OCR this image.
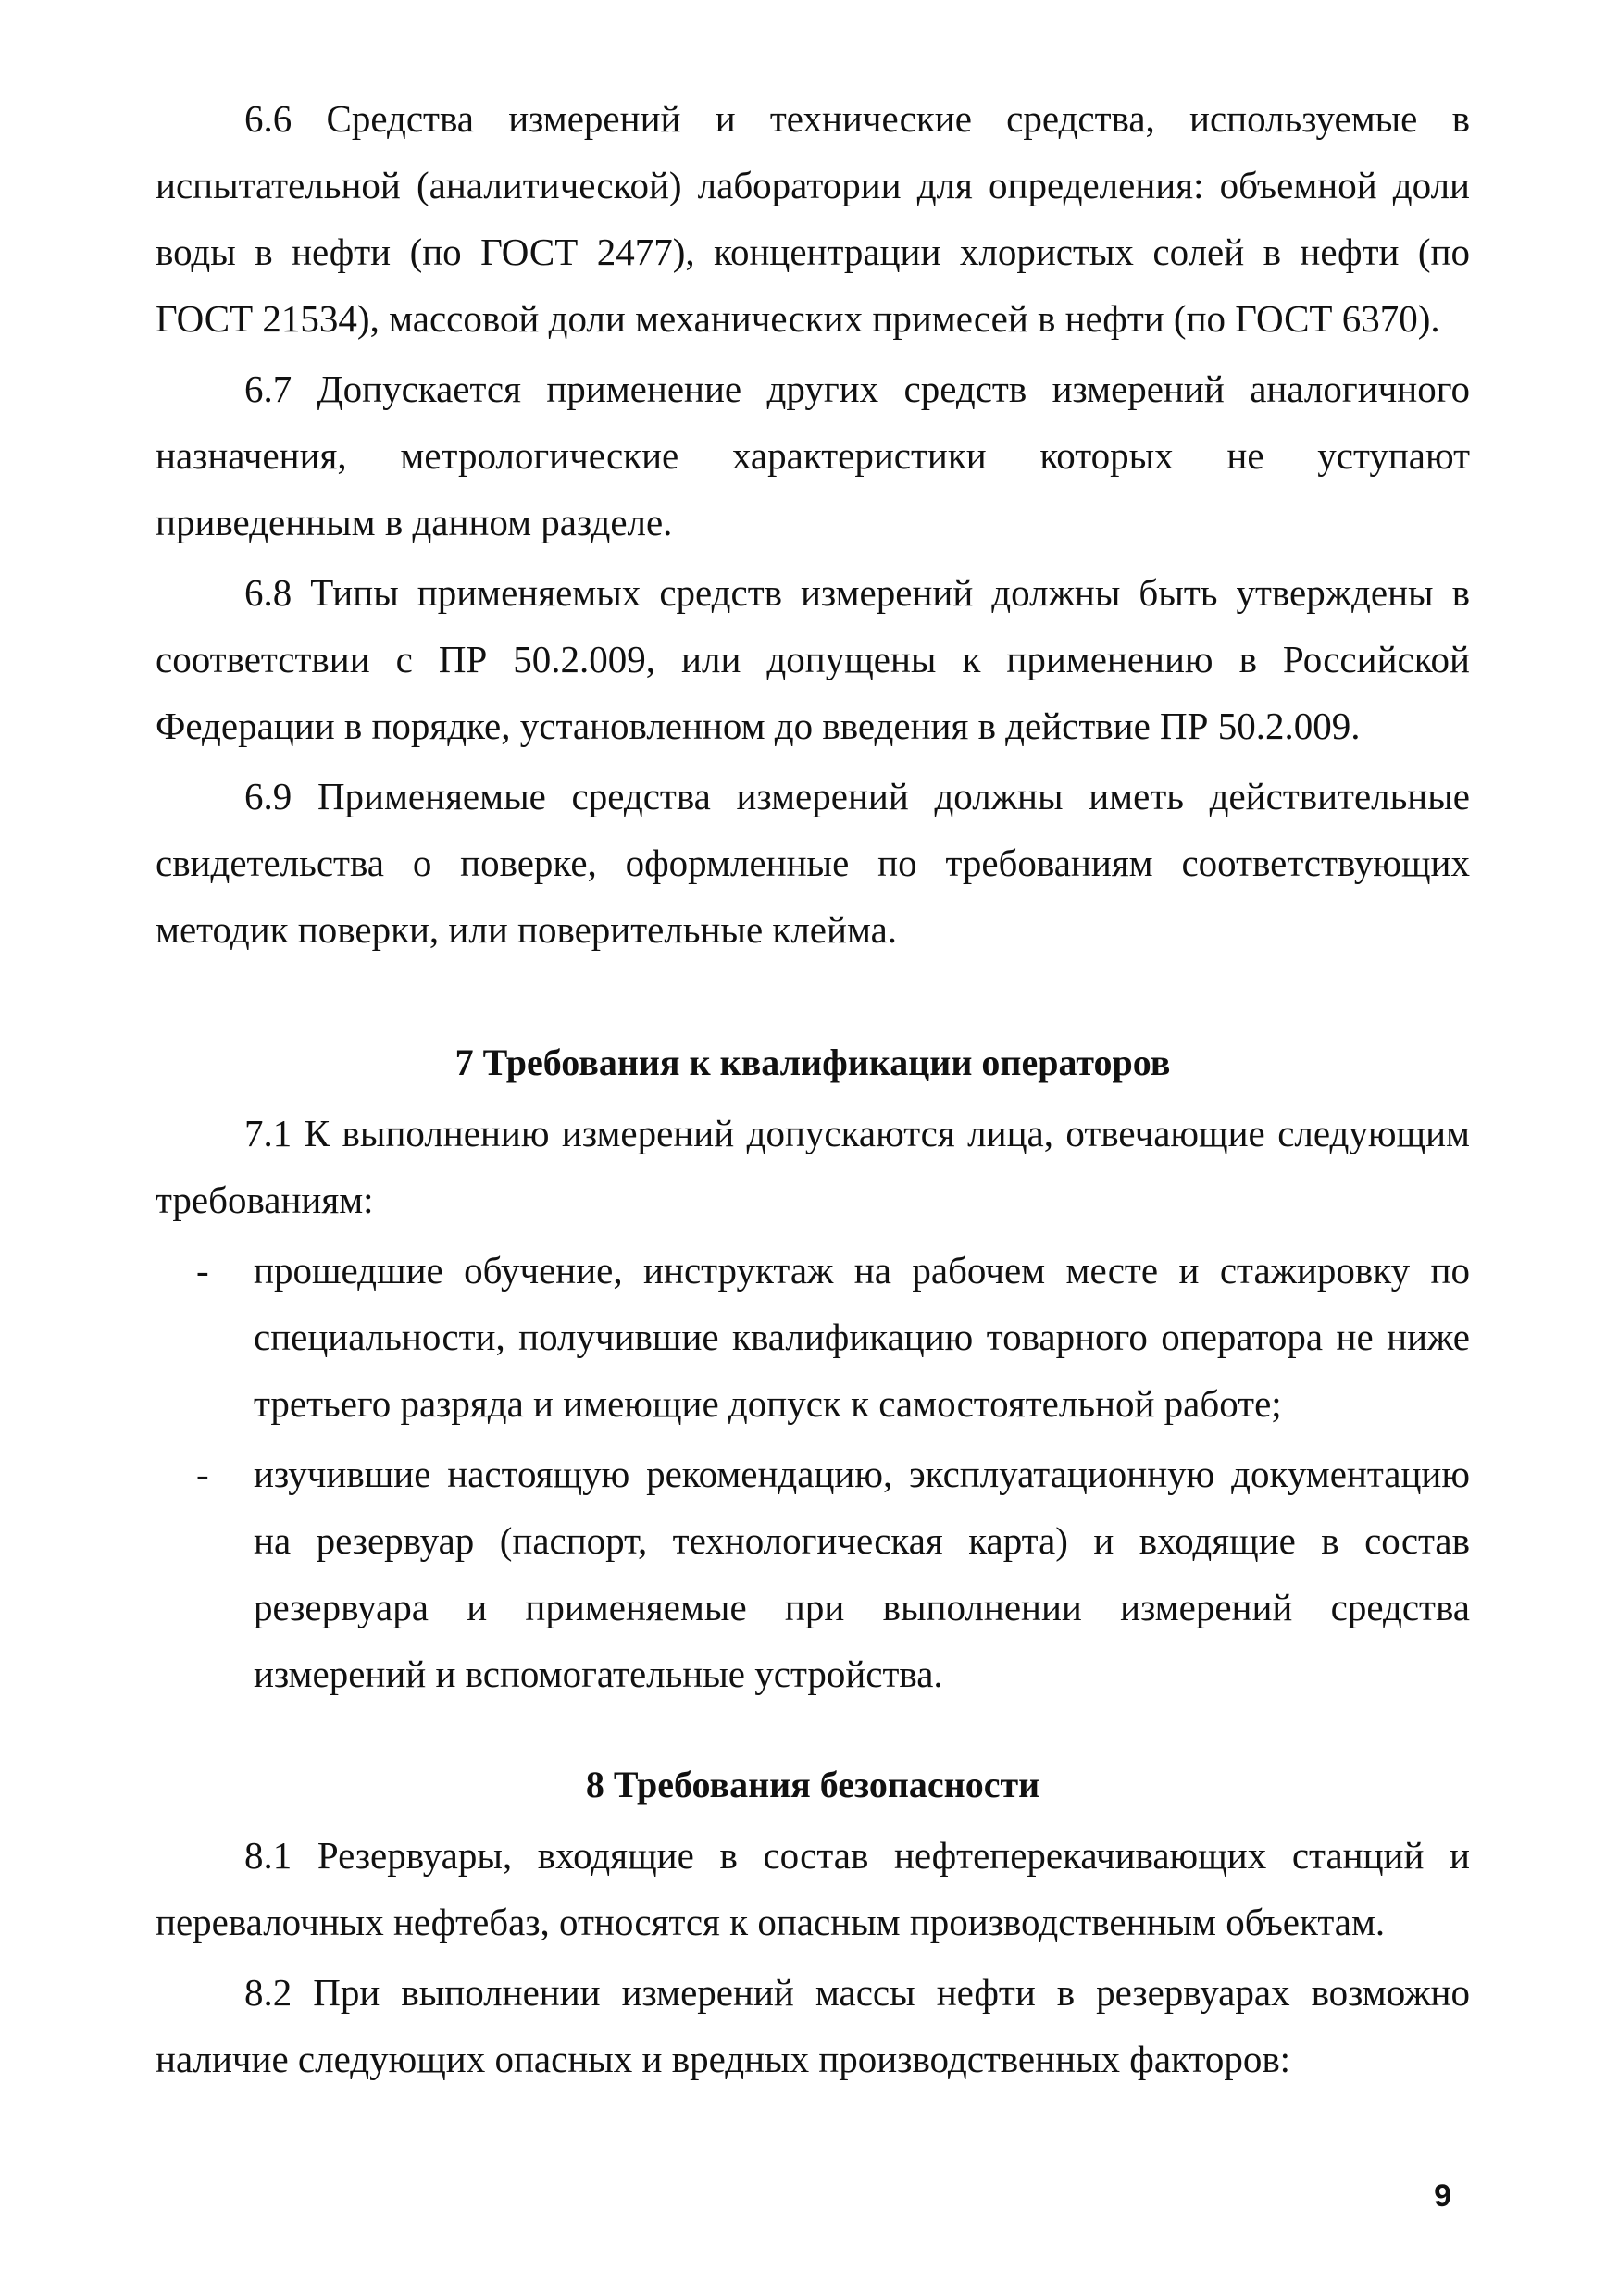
6.6 Средства измерений и технические средства, используемые в испытательной (аналитической) лаборатории для определения: объемной доли воды в нефти (по ГОСТ 2477), концентрации хлористых солей в нефти (по ГОСТ 21534), массовой доли механических примесей в нефти (по ГОСТ 6370).

6.7 Допускается применение других средств измерений аналогичного назначения, метрологические характеристики которых не уступают приведенным в данном разделе.

6.8 Типы применяемых средств измерений должны быть утверждены в соответствии с ПР 50.2.009, или допущены к применению в Российской Федерации в порядке, установленном до введения в действие ПР 50.2.009.

6.9 Применяемые средства измерений должны иметь действительные свидетельства о поверке, оформленные по требованиям соответствующих методик поверки, или поверительные клейма.

7 Требования к квалификации операторов

7.1 К выполнению измерений допускаются лица, отвечающие следующим требованиям:

- прошедшие обучение, инструктаж на рабочем месте и стажировку по специальности, получившие квалификацию товарного оператора не ниже третьего разряда и имеющие допуск к самостоятельной работе;

- изучившие настоящую рекомендацию, эксплуатационную документацию на резервуар (паспорт, технологическая карта) и входящие в состав резервуара и применяемые при выполнении измерений средства измерений и вспомогательные устройства.

8 Требования безопасности

8.1 Резервуары, входящие в состав нефтеперекачивающих станций и перевалочных нефтебаз, относятся к опасным производственным объектам.

8.2 При выполнении измерений массы нефти в резервуарах возможно наличие следующих опасных и вредных производственных факторов:

9
